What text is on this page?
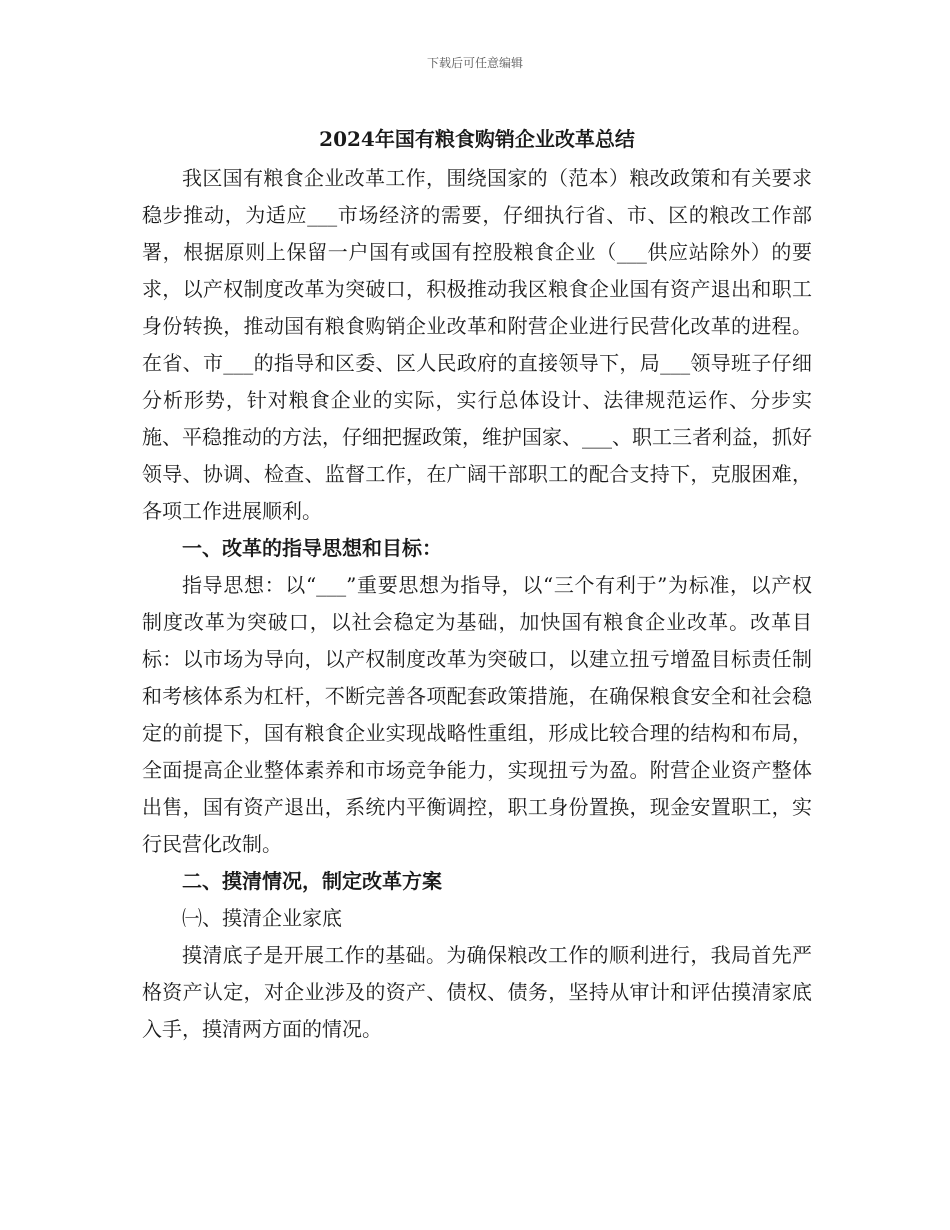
下载后可任意编辑
2024年国有粮食购销企业改革总结

我区国有粮食企业改革工作，围绕国家的（范本）粮改政策和有关要求稳步推动，为适应___市场经济的需要，仔细执行省、市、区的粮改工作部署，根据原则上保留一户国有或国有控股粮食企业（___供应站除外）的要求，以产权制度改革为突破口，积极推动我区粮食企业国有资产退出和职工身份转换，推动国有粮食购销企业改革和附营企业进行民营化改革的进程。在省、市___的指导和区委、区人民政府的直接领导下，局___领导班子仔细分析形势，针对粮食企业的实际，实行总体设计、法律规范运作、分步实施、平稳推动的方法，仔细把握政策，维护国家、___、职工三者利益，抓好领导、协调、检查、监督工作，在广阔干部职工的配合支持下，克服困难，各项工作进展顺利。

一、改革的指导思想和目标：

指导思想：以“___”重要思想为指导，以“三个有利于”为标准，以产权制度改革为突破口，以社会稳定为基础，加快国有粮食企业改革。改革目标：以市场为导向，以产权制度改革为突破口，以建立扭亏增盈目标责任制和考核体系为杠杆，不断完善各项配套政策措施，在确保粮食安全和社会稳定的前提下，国有粮食企业实现战略性重组，形成比较合理的结构和布局，全面提高企业整体素养和市场竞争能力，实现扭亏为盈。附营企业资产整体出售，国有资产退出，系统内平衡调控，职工身份置换，现金安置职工，实行民营化改制。

二、摸清情况，制定改革方案

㈠、摸清企业家底

摸清底子是开展工作的基础。为确保粮改工作的顺利进行，我局首先严格资产认定，对企业涉及的资产、债权、债务，坚持从审计和评估摸清家底入手，摸清两方面的情况。
